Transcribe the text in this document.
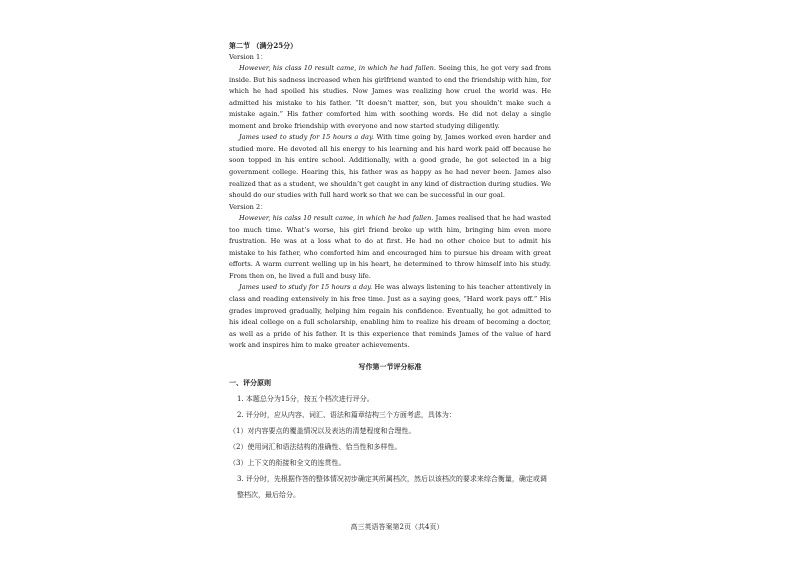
第二节 （满分25分）
Version 1：

However, his class 10 result came, in which he had fallen. Seeing this, he got very sad from inside. But his sadness increased when his girlfriend wanted to end the friendship with him, for which he had spoiled his studies. Now James was realizing how cruel the world was. He admitted his mistake to his father. “It doesn’t matter, son, but you shouldn’t make such a mistake again.” His father comforted him with soothing words. He did not delay a single moment and broke friendship with everyone and now started studying diligently.

James used to study for 15 hours a day. With time going by, James worked even harder and studied more. He devoted all his energy to his learning and his hard work paid off because he soon topped in his entire school. Additionally, with a good grade, he got selected in a big government college. Hearing this, his father was as happy as he had never been. James also realized that as a student, we shouldn’t get caught in any kind of distraction during studies. We should do our studies with full hard work so that we can be successful in our goal.

Version 2：

However, his calss 10 result came, in which he had fallen. James realised that he had wasted too much time. What’s worse, his girl friend broke up with him, bringing him even more frustration. He was at a loss what to do at first. He had no other choice but to admit his mistake to his father, who comforted him and encouraged him to pursue his dream with great efforts. A warm current welling up in his heart, he determined to throw himself into his study. From then on, he lived a full and busy life.

James used to study for 15 hours a day. He was always listening to his teacher attentively in class and reading extensively in his free time. Just as a saying goes, “Hard work pays off.” His grades improved gradually, helping him regain his confidence. Eventually, he got admitted to his ideal college on a full scholarship, enabling him to realize his dream of becoming a doctor, as well as a pride of his father. It is this experience that reminds James of the value of hard work and inspires him to make greater achievements.

写作第一节评分标准
一、评分原则
1. 本题总分为15分，按五个档次进行评分。
2. 评分时，应从内容、词汇、语法和篇章结构三个方面考虑，具体为：
（1）对内容要点的覆盖情况以及表达的清楚程度和合理性。
（2）使用词汇和语法结构的准确性、恰当性和多样性。
（3）上下文的衔接和全文的连贯性。
3. 评分时，先根据作答的整体情况初步确定其所属档次，然后以该档次的要求来综合衡量，确定或调整档次，最后给分。
高三英语答案第2页（共4页）
